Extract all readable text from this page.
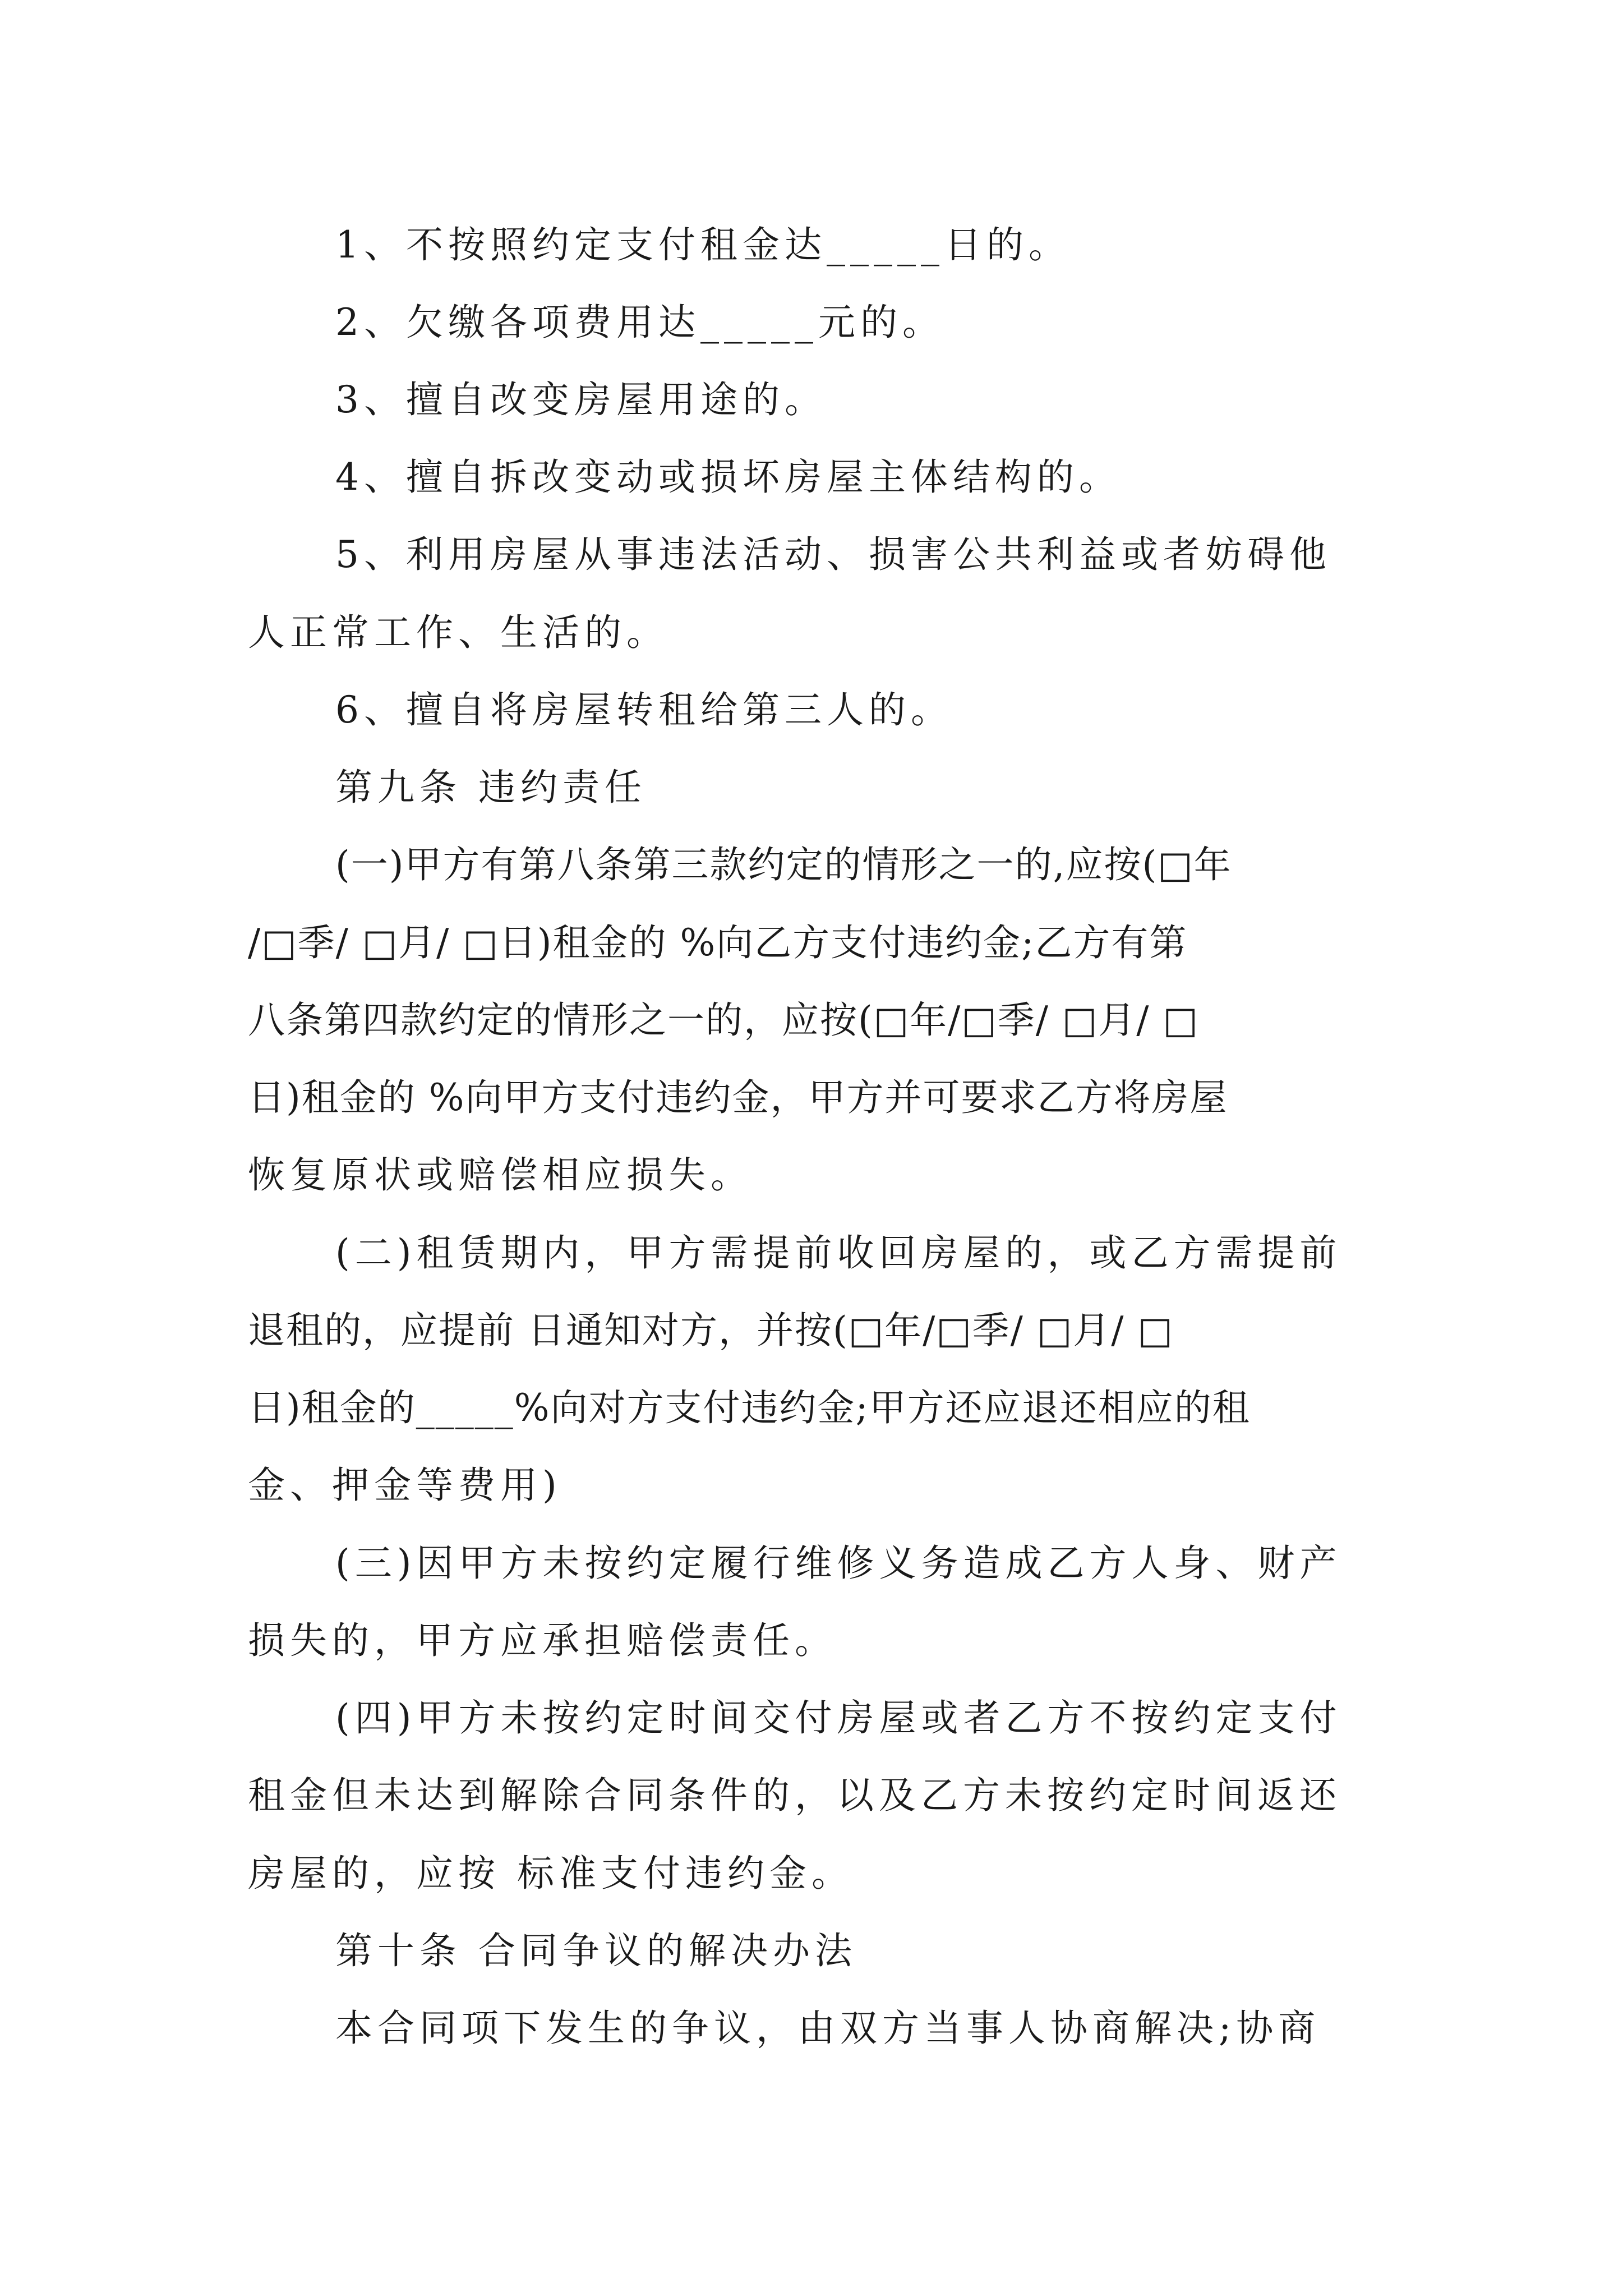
1、不按照约定支付租金达_____日的。

2、欠缴各项费用达_____元的。

3、擅自改变房屋用途的。

4、擅自拆改变动或损坏房屋主体结构的。

5、利用房屋从事违法活动、损害公共利益或者妨碍他

人正常工作、生活的。

6、擅自将房屋转租给第三人的。

第九条 违约责任

(一)甲方有第八条第三款约定的情形之一的,应按(□年

/□季/ □月/ □日)租金的 %向乙方支付违约金;乙方有第

八条第四款约定的情形之一的，应按(□年/□季/ □月/ □

日)租金的 %向甲方支付违约金，甲方并可要求乙方将房屋

恢复原状或赔偿相应损失。

(二)租赁期内，甲方需提前收回房屋的，或乙方需提前

退租的，应提前 日通知对方，并按(□年/□季/ □月/ □

日)租金的_____%向对方支付违约金;甲方还应退还相应的租

金、押金等费用)

(三)因甲方未按约定履行维修义务造成乙方人身、财产

损失的，甲方应承担赔偿责任。

(四)甲方未按约定时间交付房屋或者乙方不按约定支付

租金但未达到解除合同条件的，以及乙方未按约定时间返还

房屋的，应按 标准支付违约金。

第十条 合同争议的解决办法

本合同项下发生的争议，由双方当事人协商解决;协商
